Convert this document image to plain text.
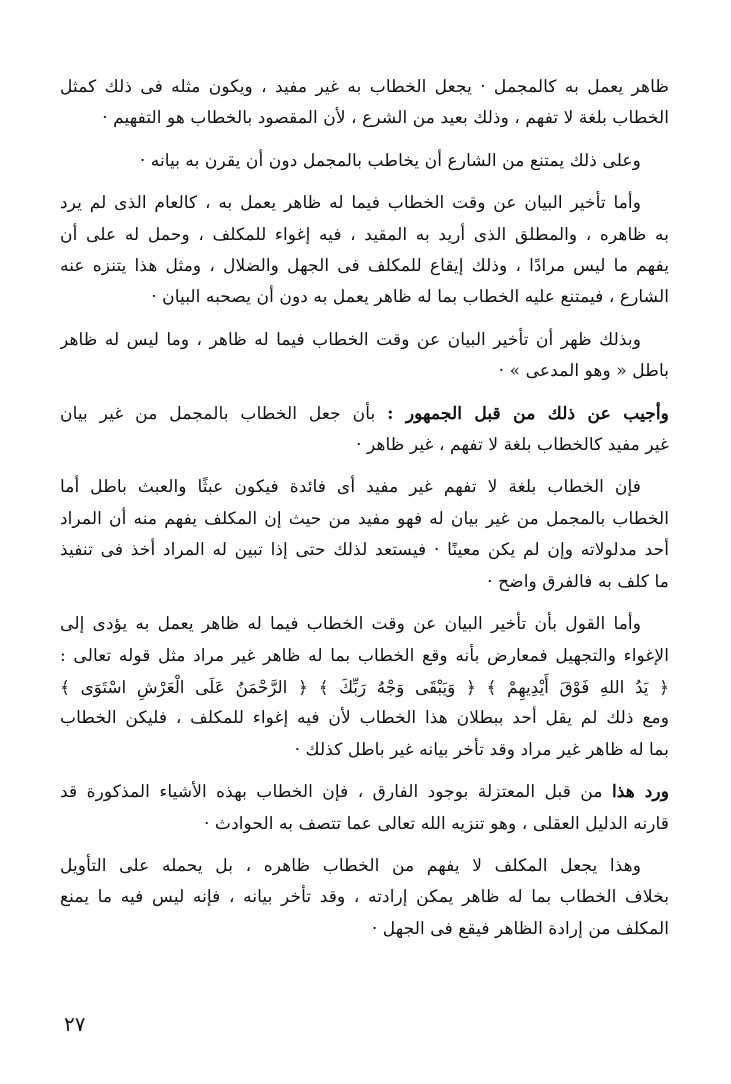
ظاهر يعمل به كالمجمل · يجعل الخطاب به غير مفيد ، ويكون مثله فى ذلك كمثل
الخطاب بلغة لا تفهم ، وذلك بعيد من الشرع ، لأن المقصود بالخطاب هو التفهيم ·
وعلى ذلك يمتنع من الشارع أن يخاطب بالمجمل دون أن يقرن به بيانه ·
وأما تأخير البيان عن وقت الخطاب فيما له ظاهر يعمل به ، كالعام الذى لم يرد
به ظاهره ، والمطلق الذى أريد به المقيد ، فيه إغواء للمكلف ، وحمل له على أن
يفهم ما ليس مرادًا ، وذلك إيقاع للمكلف فى الجهل والضلال ، ومثل هذا يتنزه عنه
الشارع ، فيمتنع عليه الخطاب بما له ظاهر يعمل به دون أن يصحبه البيان ·
وبذلك ظهر أن تأخير البيان عن وقت الخطاب فيما له ظاهر ، وما ليس له ظاهر
باطل « وهو المدعى » ·
وأجيب عن ذلك من قبل الجمهور : بأن جعل الخطاب بالمجمل من غير بيان
غير مفيد كالخطاب بلغة لا تفهم ، غير ظاهر ·
فإن الخطاب بلغة لا تفهم غير مفيد أى فائدة فيكون عبثًا والعبث باطل أما
الخطاب بالمجمل من غير بيان له فهو مفيد من حيث إن المكلف يفهم منه أن المراد
أحد مدلولاته وإن لم يكن معينًا · فيستعد لذلك حتى إذا تبين له المراد أخذ فى تنفيذ
ما كلف به فالفرق واضح ·
وأما القول بأن تأخير البيان عن وقت الخطاب فيما له ظاهر يعمل به يؤدى إلى
الإغواء والتجهيل فمعارض بأنه وقع الخطاب بما له ظاهر غير مراد مثل قوله تعالى :
﴿ يَدُ اللهِ فَوْقَ أَيْدِيهِمْ ﴾ ﴿ وَيَبْقَى وَجْهُ رَبِّكَ ﴾ ﴿ الرَّحْمَنُ عَلَى الْعَرْشِ اسْتَوَى ﴾
ومع ذلك لم يقل أحد ببطلان هذا الخطاب لأن فيه إغواء للمكلف ، فليكن الخطاب
بما له ظاهر غير مراد وقد تأخر بيانه غير باطل كذلك ·
ورد هذا من قبل المعتزلة بوجود الفارق ، فإن الخطاب بهذه الأشياء المذكورة قد
قارنه الدليل العقلى ، وهو تنزيه الله تعالى عما تتصف به الحوادث ·
وهذا يجعل المكلف لا يفهم من الخطاب ظاهره ، بل يحمله على التأويل
بخلاف الخطاب بما له ظاهر يمكن إرادته ، وقد تأخر بيانه ، فإنه ليس فيه ما يمنع
المكلف من إرادة الظاهر فيقع فى الجهل ·
٢٧
